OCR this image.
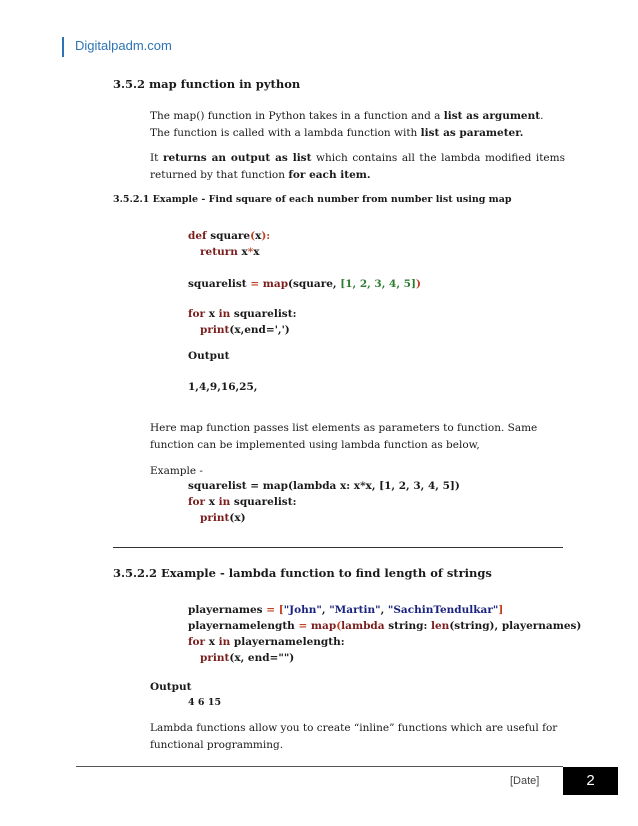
Digitalpadm.com
3.5.2 map function in python
The map() function in Python takes in a function and a list as argument. The function is called with a lambda function with list as parameter.
It returns an output as list which contains all the lambda modified items returned by that function for each item.
3.5.2.1 Example - Find square of each number from number list using map
def square(x):
return x*x
squarelist = map(square, [1, 2, 3, 4, 5])
for x in squarelist:
print(x,end=',')
Output
1,4,9,16,25,
Here map function passes list elements as parameters to function. Same function can be implemented using lambda function as below,
Example -
squarelist = map(lambda x: x*x, [1, 2, 3, 4, 5])
for x in squarelist:
print(x)
3.5.2.2 Example - lambda function to find length of strings
playernames = ["John", "Martin", "SachinTendulkar"]
playernamelength = map(lambda string: len(string), playernames)
for x in playernamelength:
print(x, end="")
Output
4 6 15
Lambda functions allow you to create “inline” functions which are useful for functional programming.
[Date]	2
